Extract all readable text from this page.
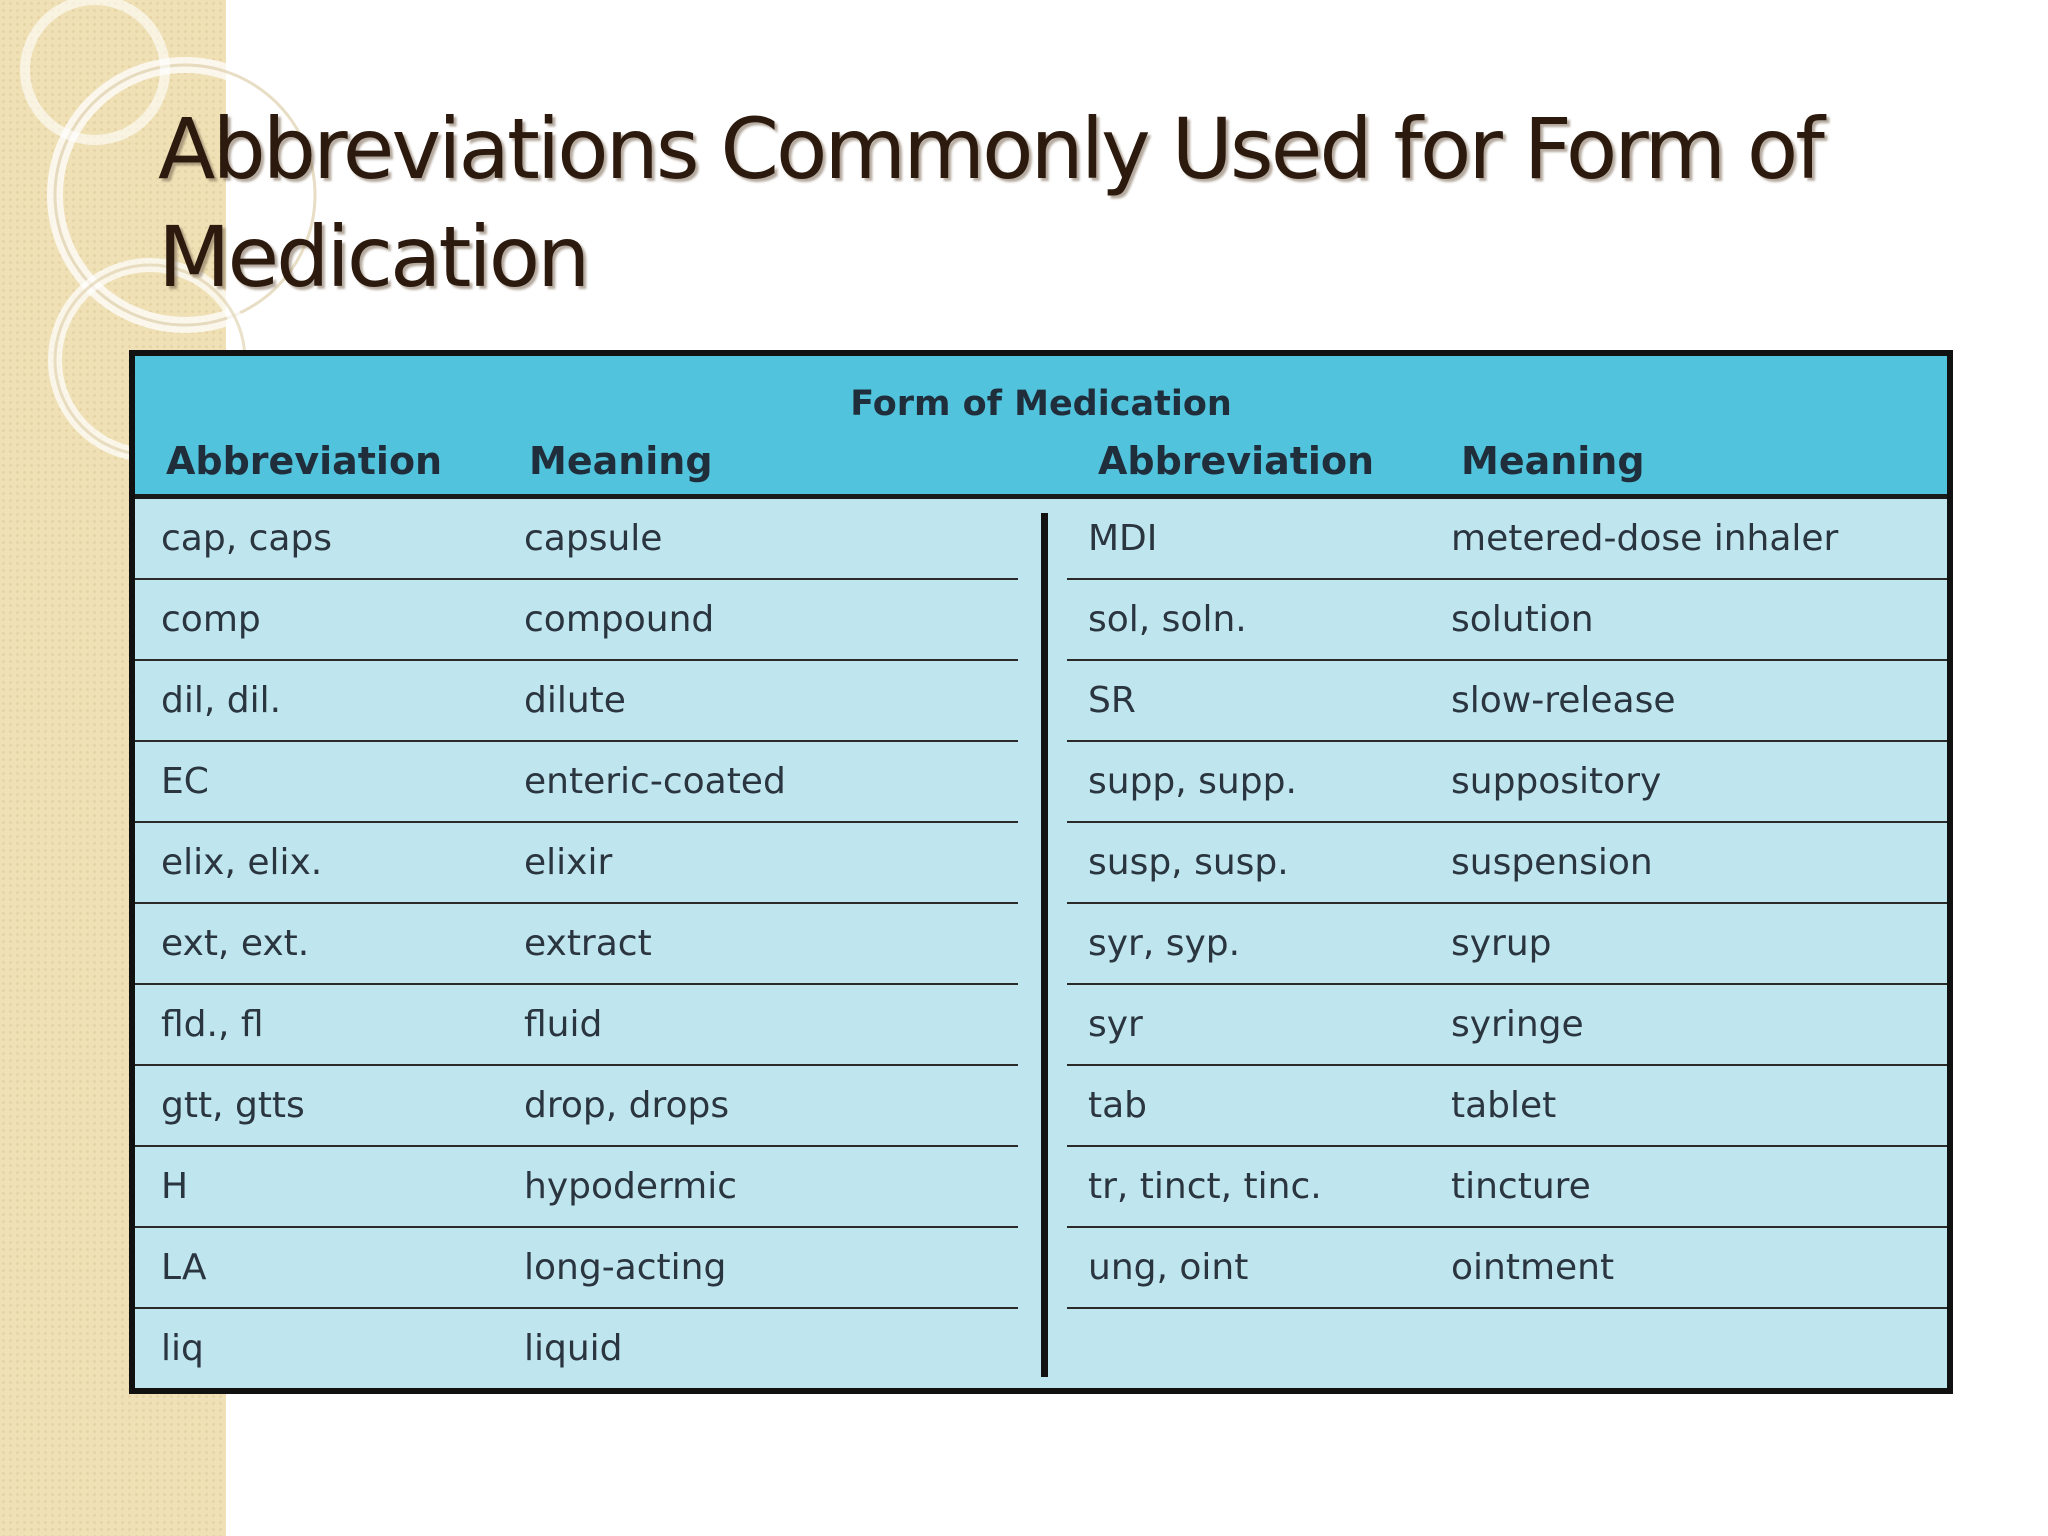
Abbreviations Commonly Used for Form of Medication
Form of Medication
Abbreviation Meaning	Abbreviation Meaning
cap, caps	capsule
comp	compound
dil, dil.	dilute
EC	enteric-coated
elix, elix.	elixir
ext, ext.	extract
fld., fl	fluid
gtt, gtts	drop, drops
H	hypodermic
LA	long-acting
liq	liquid
MDI	metered-dose inhaler
sol, soln.	solution
SR	slow-release
supp, supp.	suppository
susp, susp.	suspension
syr, syp.	syrup
syr	syringe
tab	tablet
tr, tinct, tinc.	tincture
ung, oint	ointment
